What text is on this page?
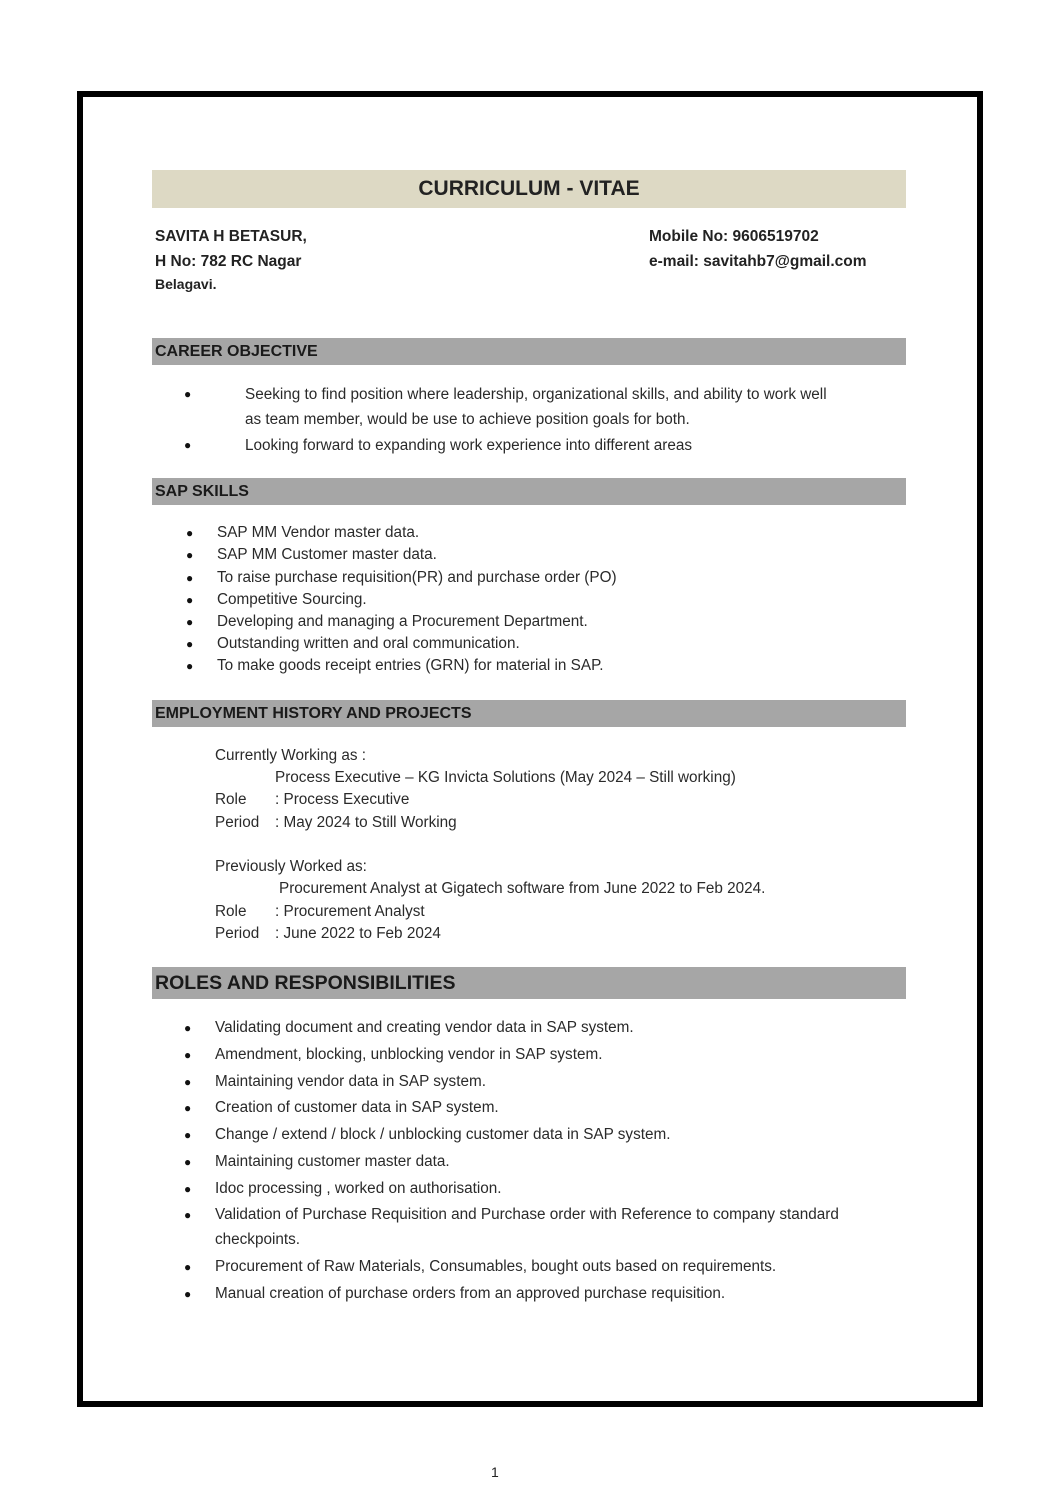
CURRICULUM - VITAE
SAVITA H BETASUR,
H No: 782 RC Nagar
Belagavi.
Mobile No: 9606519702
e-mail: savitahb7@gmail.com
CAREER OBJECTIVE
●	Seeking to find position where leadership, organizational skills, and ability to work well
as team member, would be use to achieve position goals for both.
●	Looking forward to expanding work experience into different areas
SAP SKILLS
● SAP MM Vendor master data.
● SAP MM Customer master data.
● To raise purchase requisition(PR) and purchase order (PO)
● Competitive Sourcing.
● Developing and managing a Procurement Department.
● Outstanding written and oral communication.
● To make goods receipt entries (GRN) for material in SAP.
EMPLOYMENT HISTORY AND PROJECTS
Currently Working as :
Process Executive – KG Invicta Solutions (May 2024 – Still working)
Role : Process Executive
Period : May 2024 to Still Working
Previously Worked as:
Procurement Analyst at Gigatech software from June 2022 to Feb 2024.
Role : Procurement Analyst
Period : June 2022 to Feb 2024
ROLES AND RESPONSIBILITIES
● Validating document and creating vendor data in SAP system.
● Amendment, blocking, unblocking vendor in SAP system.
● Maintaining vendor data in SAP system.
● Creation of customer data in SAP system.
● Change / extend / block / unblocking customer data in SAP system.
● Maintaining customer master data.
● Idoc processing , worked on authorisation.
● Validation of Purchase Requisition and Purchase order with Reference to company standard
checkpoints.
● Procurement of Raw Materials, Consumables, bought outs based on requirements.
● Manual creation of purchase orders from an approved purchase requisition.
1
